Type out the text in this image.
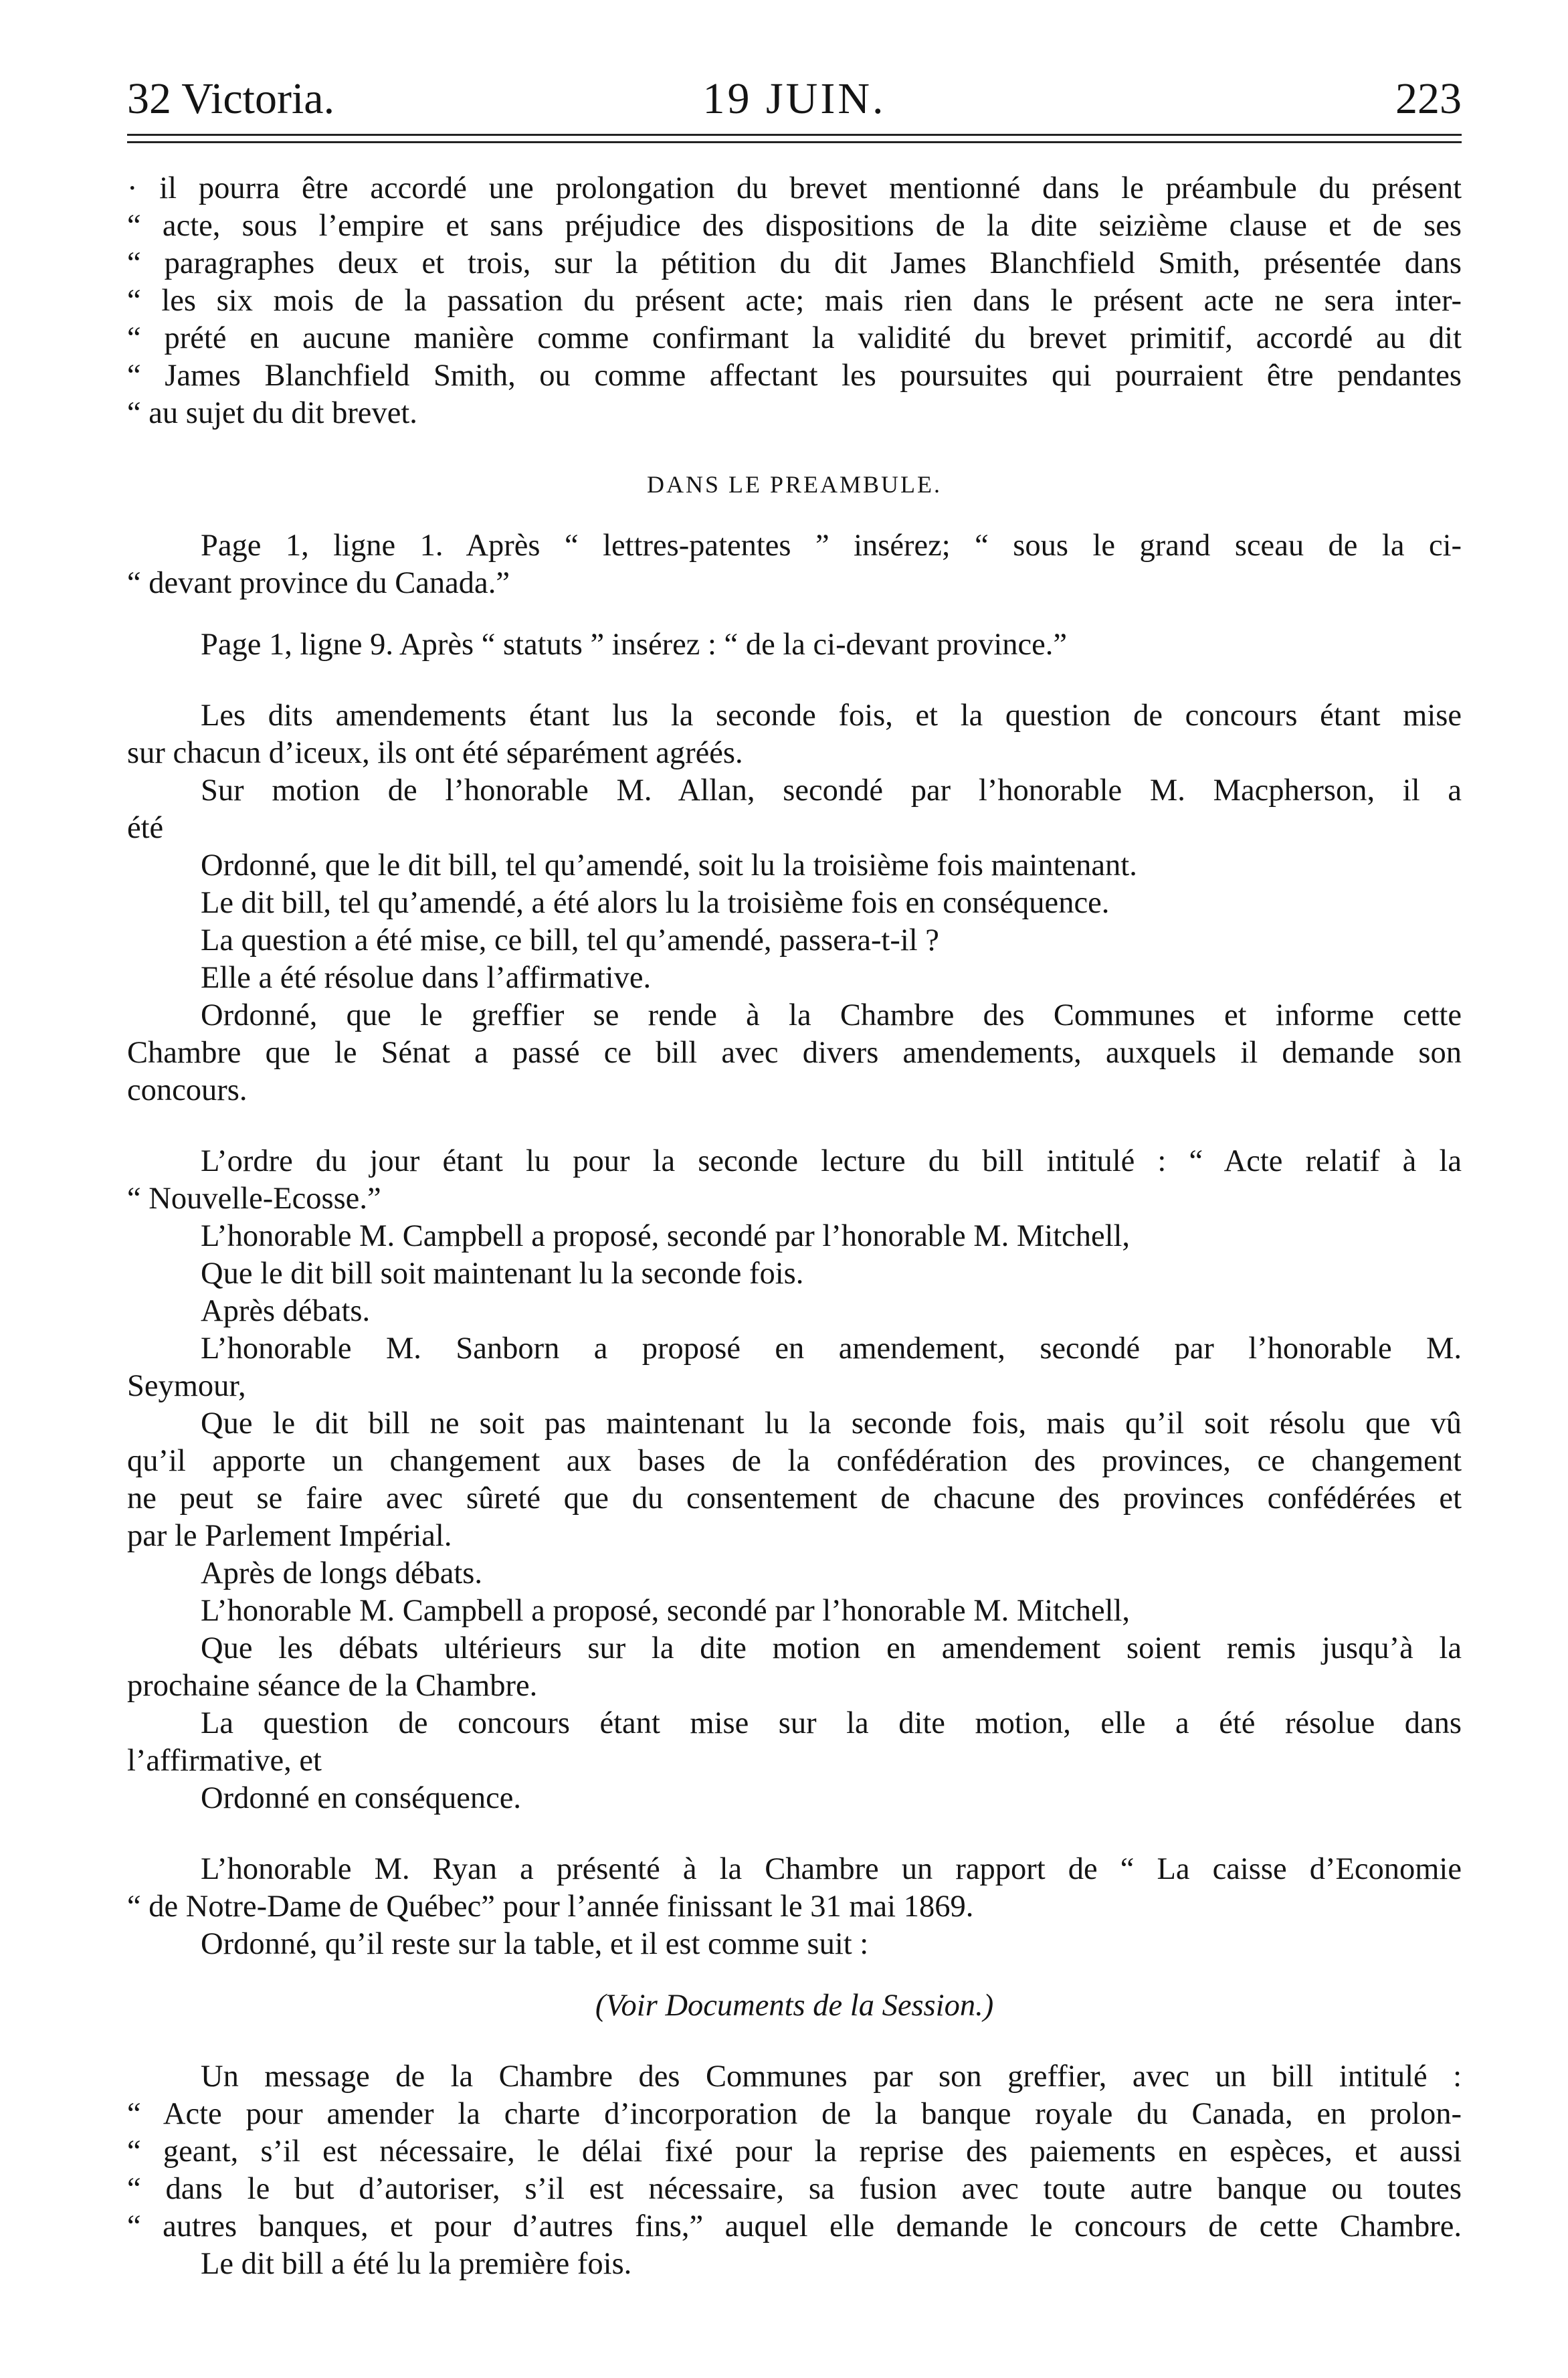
32 Victoria.	19 JUIN.	223
· il pourra être accordé une prolongation du brevet mentionné dans le préambule du présent
“ acte, sous l’empire et sans préjudice des dispositions de la dite seizième clause et de ses
“ paragraphes deux et trois, sur la pétition du dit James Blanchfield Smith, présentée dans
“ les six mois de la passation du présent acte; mais rien dans le présent acte ne sera inter-
“ prété en aucune manière comme confirmant la validité du brevet primitif, accordé au dit
“ James Blanchfield Smith, ou comme affectant les poursuites qui pourraient être pendantes
“ au sujet du dit brevet.
DANS LE PREAMBULE.
Page 1, ligne 1. Après “ lettres-patentes ” insérez; “ sous le grand sceau de la ci-
“ devant province du Canada.”
Page 1, ligne 9. Après “ statuts ” insérez : “ de la ci-devant province.”
Les dits amendements étant lus la seconde fois, et la question de concours étant mise
sur chacun d’iceux, ils ont été séparément agréés.
Sur motion de l’honorable M. Allan, secondé par l’honorable M. Macpherson, il a
été
Ordonné, que le dit bill, tel qu’amendé, soit lu la troisième fois maintenant.
Le dit bill, tel qu’amendé, a été alors lu la troisième fois en conséquence.
La question a été mise, ce bill, tel qu’amendé, passera-t-il ?
Elle a été résolue dans l’affirmative.
Ordonné, que le greffier se rende à la Chambre des Communes et informe cette
Chambre que le Sénat a passé ce bill avec divers amendements, auxquels il demande son
concours.
L’ordre du jour étant lu pour la seconde lecture du bill intitulé : “ Acte relatif à la
“ Nouvelle-Ecosse.”
L’honorable M. Campbell a proposé, secondé par l’honorable M. Mitchell,
Que le dit bill soit maintenant lu la seconde fois.
Après débats.
L’honorable M. Sanborn a proposé en amendement, secondé par l’honorable M.
Seymour,
Que le dit bill ne soit pas maintenant lu la seconde fois, mais qu’il soit résolu que vû
qu’il apporte un changement aux bases de la confédération des provinces, ce changement
ne peut se faire avec sûreté que du consentement de chacune des provinces confédérées et
par le Parlement Impérial.
Après de longs débats.
L’honorable M. Campbell a proposé, secondé par l’honorable M. Mitchell,
Que les débats ultérieurs sur la dite motion en amendement soient remis jusqu’à la
prochaine séance de la Chambre.
La question de concours étant mise sur la dite motion, elle a été résolue dans
l’affirmative, et
Ordonné en conséquence.
L’honorable M. Ryan a présenté à la Chambre un rapport de “ La caisse d’Economie
“ de Notre-Dame de Québec” pour l’année finissant le 31 mai 1869.
Ordonné, qu’il reste sur la table, et il est comme suit :
(Voir Documents de la Session.)
Un message de la Chambre des Communes par son greffier, avec un bill intitulé :
“ Acte pour amender la charte d’incorporation de la banque royale du Canada, en prolon-
“ geant, s’il est nécessaire, le délai fixé pour la reprise des paiements en espèces, et aussi
“ dans le but d’autoriser, s’il est nécessaire, sa fusion avec toute autre banque ou toutes
“ autres banques, et pour d’autres fins,” auquel elle demande le concours de cette Chambre.
Le dit bill a été lu la première fois.
